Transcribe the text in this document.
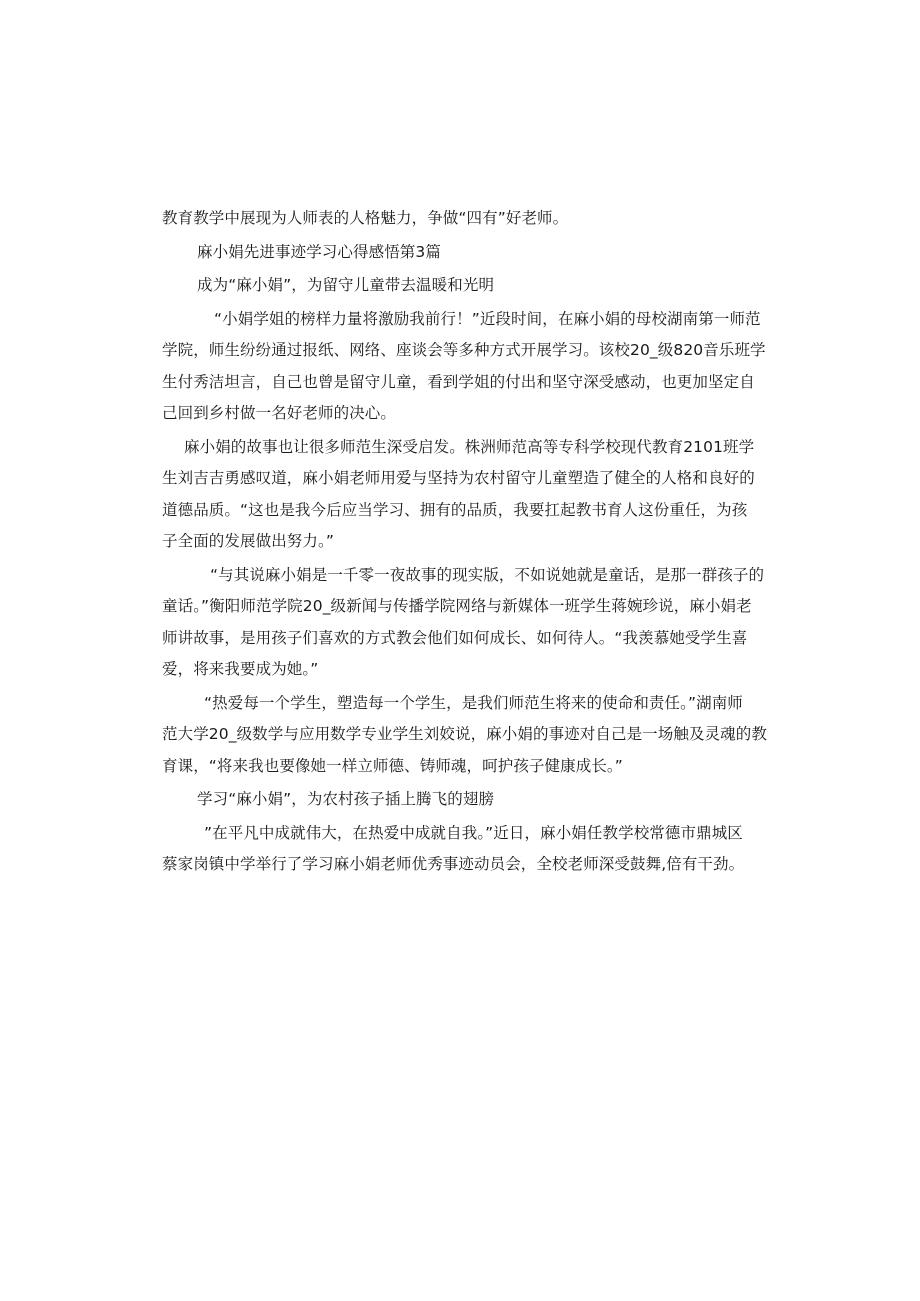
教育教学中展现为人师表的人格魅力，争做“四有”好老师。
麻小娟先进事迹学习心得感悟第3篇
成为“麻小娟”，为留守儿童带去温暖和光明
“小娟学姐的榜样力量将激励我前行！”近段时间，在麻小娟的母校湖南第一师范
学院，师生纷纷通过报纸、网络、座谈会等多种方式开展学习。该校20_级820音乐班学
生付秀洁坦言，自己也曾是留守儿童，看到学姐的付出和坚守深受感动，也更加坚定自
己回到乡村做一名好老师的决心。
麻小娟的故事也让很多师范生深受启发。株洲师范高等专科学校现代教育2101班学
生刘吉吉勇感叹道，麻小娟老师用爱与坚持为农村留守儿童塑造了健全的人格和良好的
道德品质。“这也是我今后应当学习、拥有的品质，我要扛起教书育人这份重任，为孩
子全面的发展做出努力。”
“与其说麻小娟是一千零一夜故事的现实版，不如说她就是童话，是那一群孩子的
童话。”衡阳师范学院20_级新闻与传播学院网络与新媒体一班学生蒋婉珍说，麻小娟老
师讲故事，是用孩子们喜欢的方式教会他们如何成长、如何待人。“我羡慕她受学生喜
爱，将来我要成为她。”
“热爱每一个学生，塑造每一个学生，是我们师范生将来的使命和责任。”湖南师
范大学20_级数学与应用数学专业学生刘姣说，麻小娟的事迹对自己是一场触及灵魂的教
育课，“将来我也要像她一样立师德、铸师魂，呵护孩子健康成长。”
学习“麻小娟”，为农村孩子插上腾飞的翅膀
”在平凡中成就伟大，在热爱中成就自我。”近日，麻小娟任教学校常德市鼎城区
蔡家岗镇中学举行了学习麻小娟老师优秀事迹动员会，全校老师深受鼓舞,倍有干劲。
